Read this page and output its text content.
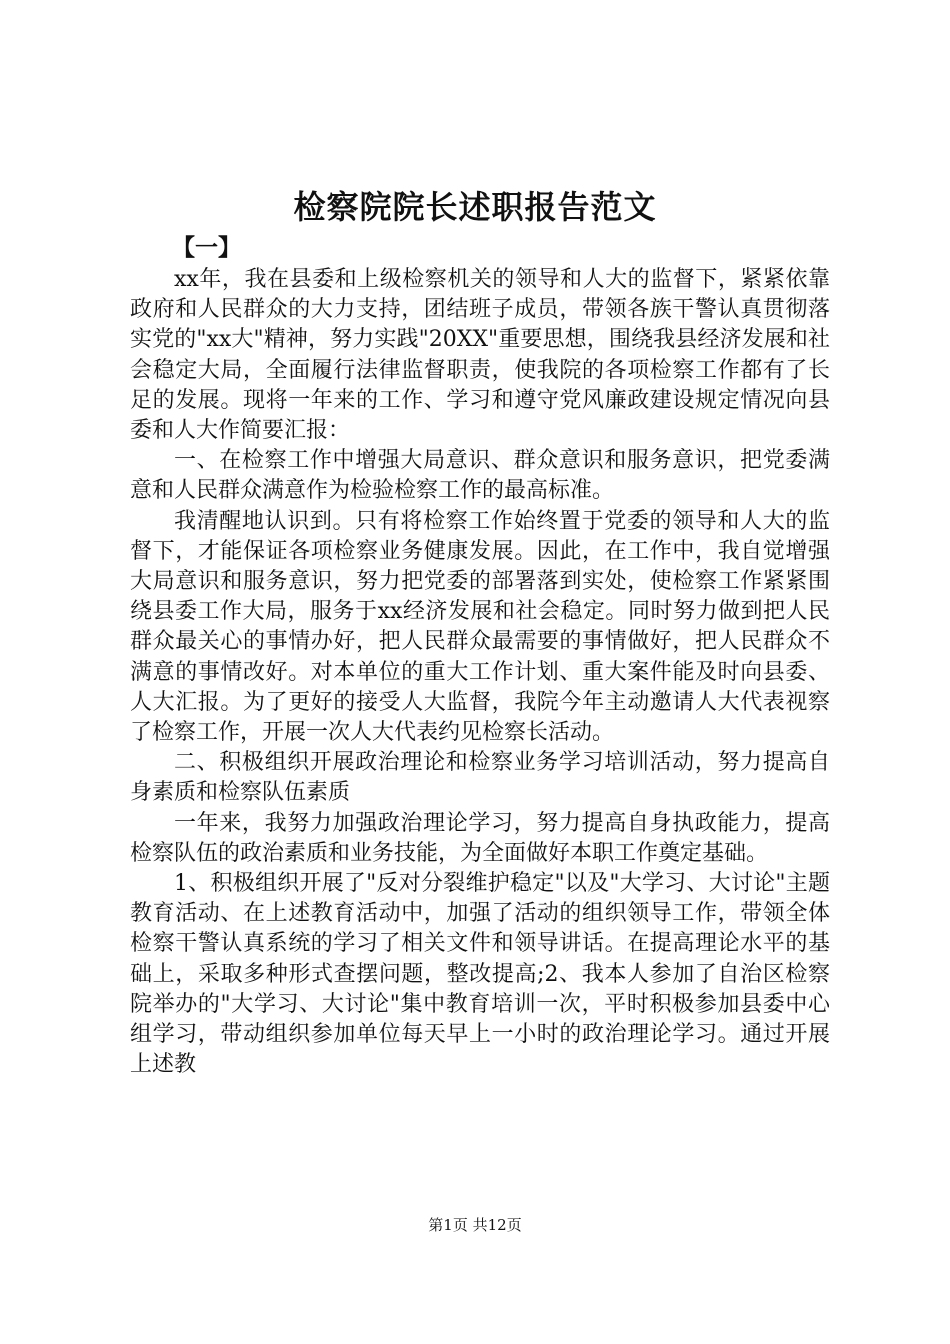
检察院院长述职报告范文
【一】

xx年，我在县委和上级检察机关的领导和人大的监督下，紧紧依靠政府和人民群众的大力支持，团结班子成员，带领各族干警认真贯彻落实党的"xx大"精神，努力实践"20XX"重要思想，围绕我县经济发展和社会稳定大局，全面履行法律监督职责，使我院的各项检察工作都有了长足的发展。现将一年来的工作、学习和遵守党风廉政建设规定情况向县委和人大作简要汇报：

一、在检察工作中增强大局意识、群众意识和服务意识，把党委满意和人民群众满意作为检验检察工作的最高标准。

我清醒地认识到。只有将检察工作始终置于党委的领导和人大的监督下，才能保证各项检察业务健康发展。因此，在工作中，我自觉增强大局意识和服务意识，努力把党委的部署落到实处，使检察工作紧紧围绕县委工作大局，服务于xx经济发展和社会稳定。同时努力做到把人民群众最关心的事情办好，把人民群众最需要的事情做好，把人民群众不满意的事情改好。对本单位的重大工作计划、重大案件能及时向县委、人大汇报。为了更好的接受人大监督，我院今年主动邀请人大代表视察了检察工作，开展一次人大代表约见检察长活动。

二、积极组织开展政治理论和检察业务学习培训活动，努力提高自身素质和检察队伍素质

一年来，我努力加强政治理论学习，努力提高自身执政能力，提高检察队伍的政治素质和业务技能，为全面做好本职工作奠定基础。

1、积极组织开展了"反对分裂维护稳定"以及"大学习、大讨论"主题教育活动、在上述教育活动中，加强了活动的组织领导工作，带领全体检察干警认真系统的学习了相关文件和领导讲话。在提高理论水平的基础上，采取多种形式查摆问题，整改提高;2、我本人参加了自治区检察院举办的"大学习、大讨论"集中教育培训一次，平时积极参加县委中心组学习，带动组织参加单位每天早上一小时的政治理论学习。通过开展上述教

第1页 共12页
